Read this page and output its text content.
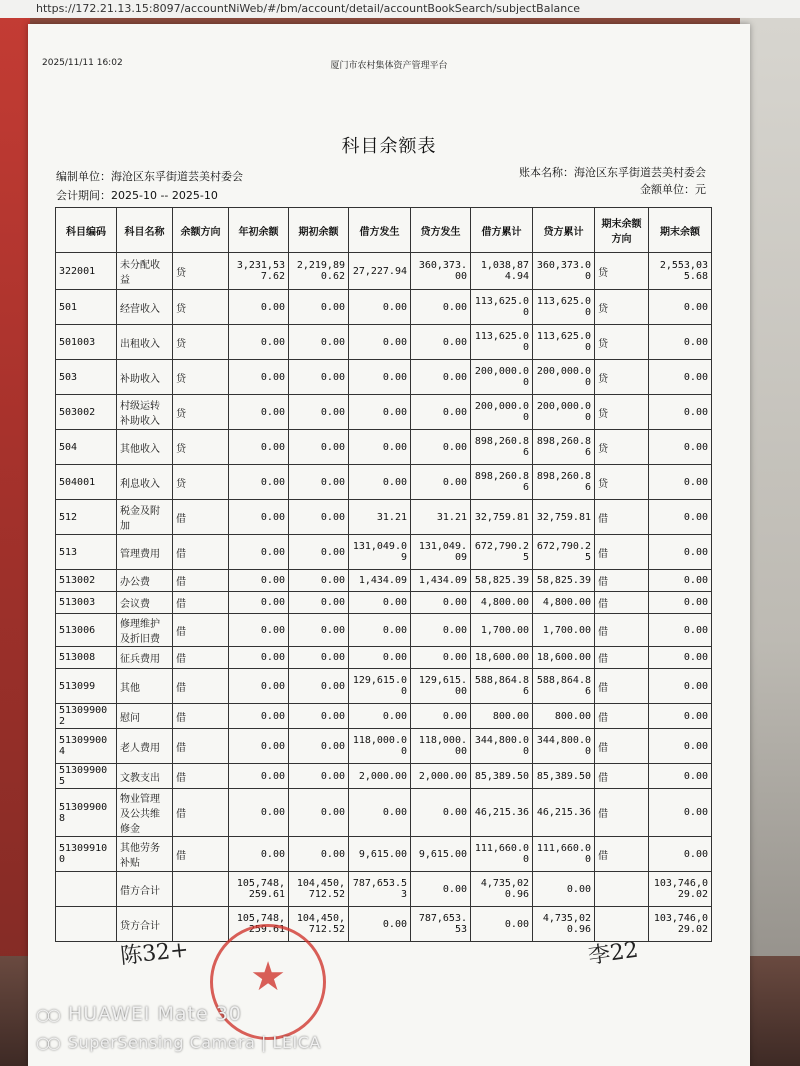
https://172.21.13.15:8097/accountNiWeb/#/bm/account/detail/accountBookSearch/subjectBalance
2025/11/11 16:02	厦门市农村集体资产管理平台
科目余额表
编制单位：海沧区东孚街道芸美村委会
会计期间：2025-10 -- 2025-10
账本名称：海沧区东孚街道芸美村委会
金额单位：元
科目编码	科目名称	余额方向	年初余额	期初余额	借方发生	贷方发生	借方累计	贷方累计	期末余额方向	期末余额
322001	未分配收益	贷	3,231,537.62	2,219,890.62	27,227.94	360,373.00	1,038,874.94	360,373.00	贷	2,553,035.68
501	经营收入	贷	0.00	0.00	0.00	0.00	113,625.00	113,625.00	贷	0.00
501003	出租收入	贷	0.00	0.00	0.00	0.00	113,625.00	113,625.00	贷	0.00
503	补助收入	贷	0.00	0.00	0.00	0.00	200,000.00	200,000.00	贷	0.00
503002	村级运转补助收入	贷	0.00	0.00	0.00	0.00	200,000.00	200,000.00	贷	0.00
504	其他收入	贷	0.00	0.00	0.00	0.00	898,260.86	898,260.86	贷	0.00
504001	利息收入	贷	0.00	0.00	0.00	0.00	898,260.86	898,260.86	贷	0.00
512	税金及附加	借	0.00	0.00	31.21	31.21	32,759.81	32,759.81	借	0.00
513	管理费用	借	0.00	0.00	131,049.09	131,049.09	672,790.25	672,790.25	借	0.00
513002	办公费	借	0.00	0.00	1,434.09	1,434.09	58,825.39	58,825.39	借	0.00
513003	会议费	借	0.00	0.00	0.00	0.00	4,800.00	4,800.00	借	0.00
513006	修理维护及折旧费	借	0.00	0.00	0.00	0.00	1,700.00	1,700.00	借	0.00
513008	征兵费用	借	0.00	0.00	0.00	0.00	18,600.00	18,600.00	借	0.00
513099	其他	借	0.00	0.00	129,615.00	129,615.00	588,864.86	588,864.86	借	0.00
513099002	慰问	借	0.00	0.00	0.00	0.00	800.00	800.00	借	0.00
513099004	老人费用	借	0.00	0.00	118,000.00	118,000.00	344,800.00	344,800.00	借	0.00
513099005	文教支出	借	0.00	0.00	2,000.00	2,000.00	85,389.50	85,389.50	借	0.00
513099008	物业管理及公共维修金	借	0.00	0.00	0.00	0.00	46,215.36	46,215.36	借	0.00
513099100	其他劳务补贴	借	0.00	0.00	9,615.00	9,615.00	111,660.00	111,660.00	借	0.00
	借方合计		105,748,259.61	104,450,712.52	787,653.53	0.00	4,735,020.96	0.00		103,746,029.02
	贷方合计		105,748,259.61	104,450,712.52	0.00	787,653.53	0.00	4,735,020.96		103,746,029.02
陈32+
★
李22
○○ HUAWEI Mate 30
○○ SuperSensing Camera | LEICA
